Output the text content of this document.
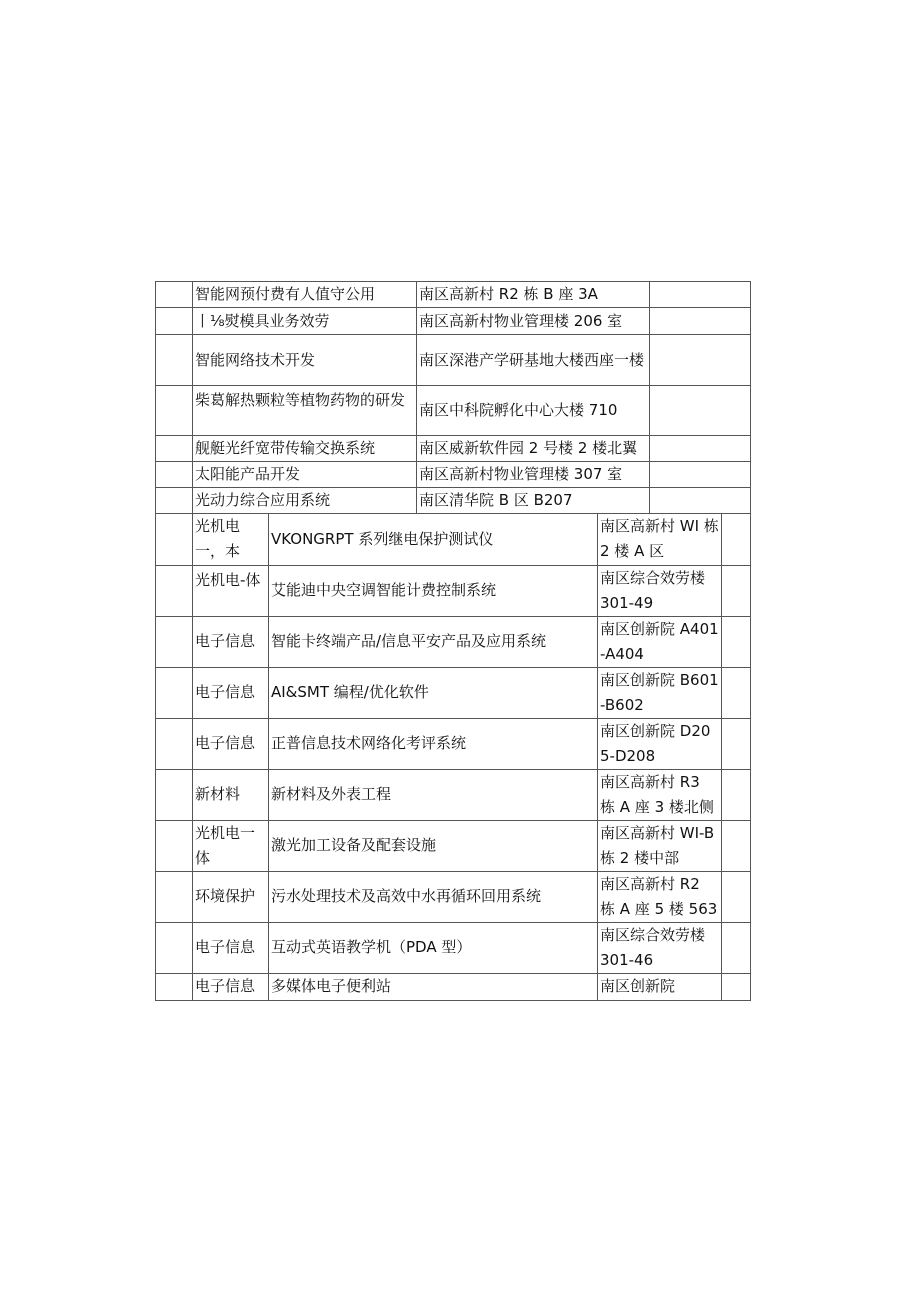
	智能网预付费有人值守公用	南区高新村 R2 栋 B 座 3A	
	丨⅛熨模具业务效劳	南区高新村物业管理楼 206 室	
	智能网络技术开发	南区深港产学研基地大楼西座一楼	
	柴葛解热颗粒等植物药物的研发	南区中科院孵化中心大楼 710	
	舰艇光纤宽带传输交换系统	南区威新软件园 2 号楼 2 楼北翼	
	太阳能产品开发	南区高新村物业管理楼 307 室	
	光动力综合应用系统	南区清华院 B 区 B207	
	光机电一，本	VKONGRPT 系列继电保护测试仪	南区高新村 WI 栋 2 楼 A 区	
	光机电-体	艾能迪中央空调智能计费控制系统	南区综合效劳楼 301-49	
	电子信息	智能卡终端产品/信息平安产品及应用系统	南区创新院 A401-A404	
	电子信息	AI&SMT 编程/优化软件	南区创新院 B601-B602	
	电子信息	正普信息技术网络化考评系统	南区创新院 D205-D208	
	新材料	新材料及外表工程	南区高新村 R3 栋 A 座 3 楼北侧	
	光机电一体	激光加工设备及配套设施	南区高新村 WI-B 栋 2 楼中部	
	环境保护	污水处理技术及高效中水再循环回用系统	南区高新村 R2 栋 A 座 5 楼 563	
	电子信息	互动式英语教学机（PDA 型）	南区综合效劳楼 301-46	
	电子信息	多媒体电子便利站	南区创新院	
